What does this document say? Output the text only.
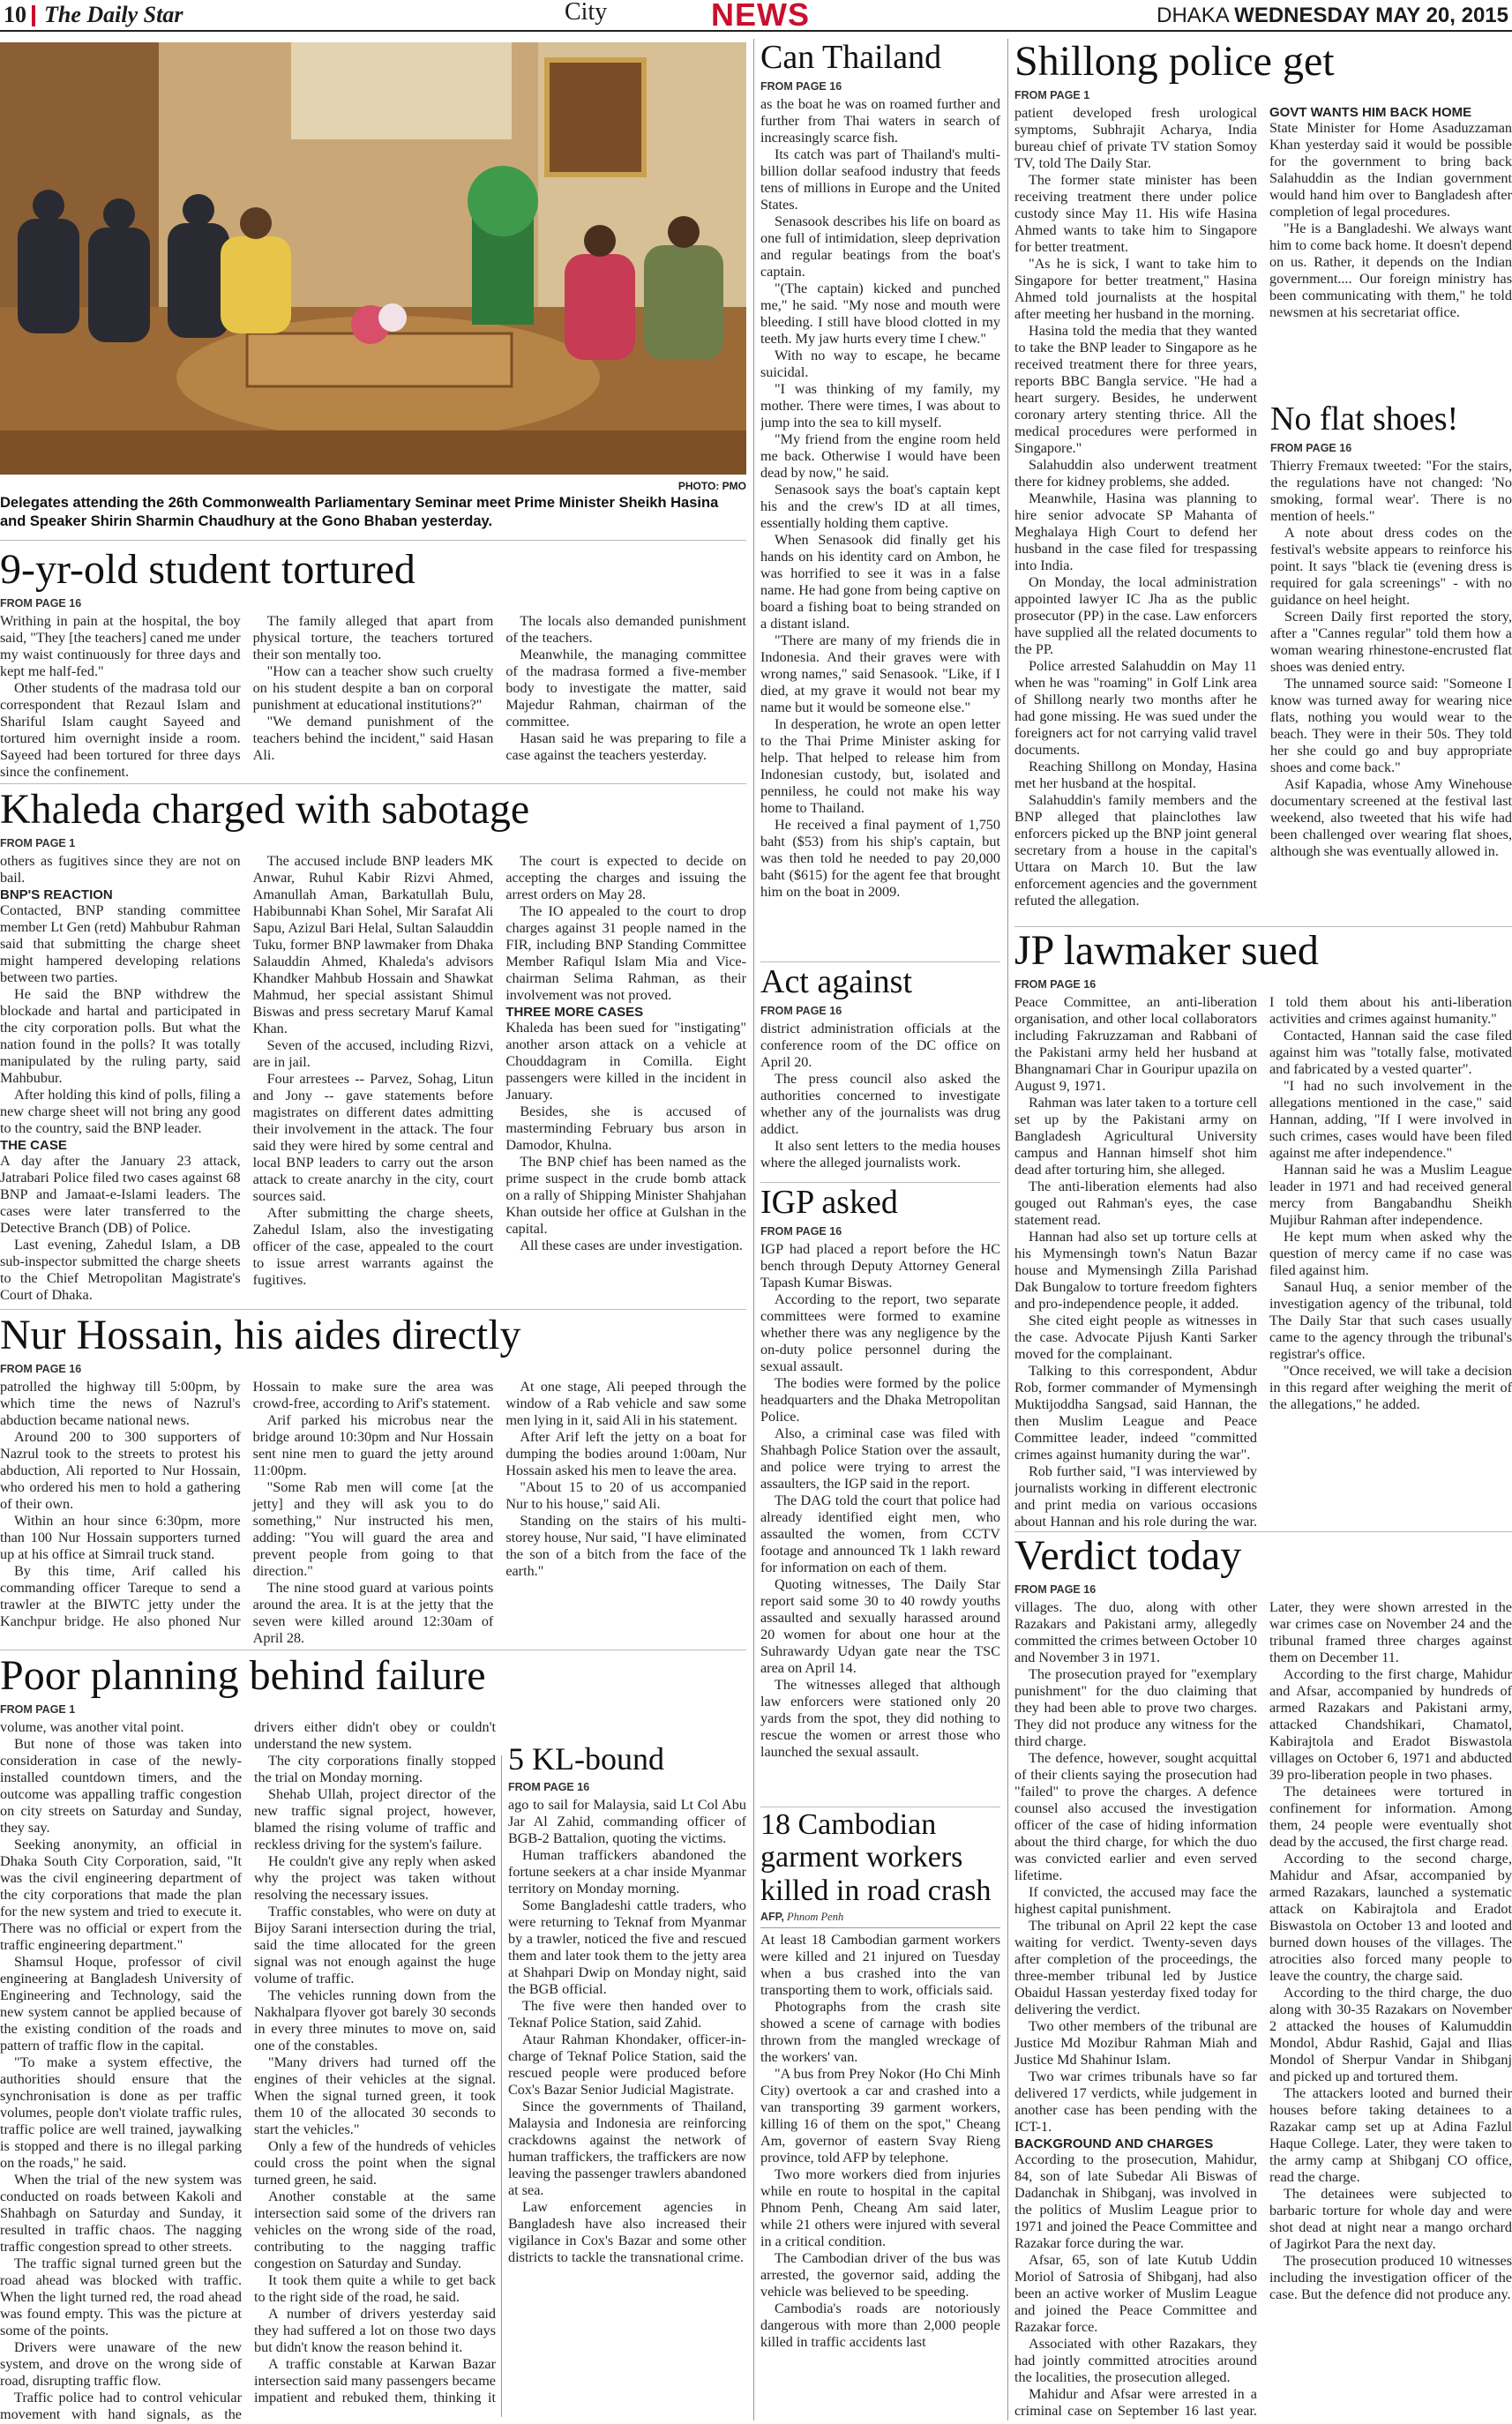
10 The Daily Star	City	NEWS	DHAKA WEDNESDAY MAY 20, 2015
PHOTO: PMO
Delegates attending the 26th Commonwealth Parliamentary Seminar meet Prime Minister Sheikh Hasina and Speaker Shirin Sharmin Chaudhury at the Gono Bhaban yesterday.
9-yr-old student tortured
FROM PAGE 16

Writhing in pain at the hospital, the boy said, "They [the teachers] caned me under my waist continuously for three days and kept me half-fed."

Other students of the madrasa told our correspondent that Rezaul Islam and Shariful Islam caught Sayeed and tortured him overnight inside a room. Sayeed had been tortured for three days since the confinement.

The family alleged that apart from physical torture, the teachers tortured their son mentally too.

"How can a teacher show such cruelty on his student despite a ban on corporal punishment at educational institutions?"

"We demand punishment of the teachers behind the incident," said Hasan Ali.

The locals also demanded punishment of the teachers.

Meanwhile, the managing committee of the madrasa formed a five-member body to investigate the matter, said Majedur Rahman, chairman of the committee.

Hasan said he was preparing to file a case against the teachers yesterday.

Khaleda charged with sabotage
FROM PAGE 1

others as fugitives since they are not on bail.

BNP'S REACTION

Contacted, BNP standing committee member Lt Gen (retd) Mahbubur Rahman said that submitting the charge sheet might hampered developing relations between two parties.

He said the BNP withdrew the blockade and hartal and participated in the city corporation polls. But what the nation found in the polls? It was totally manipulated by the ruling party, said Mahbubur.

After holding this kind of polls, filing a new charge sheet will not bring any good to the country, said the BNP leader.

THE CASE

A day after the January 23 attack, Jatrabari Police filed two cases against 68 BNP and Jamaat-e-Islami leaders. The cases were later transferred to the Detective Branch (DB) of Police.

Last evening, Zahedul Islam, a DB sub-inspector submitted the charge sheets to the Chief Metropolitan Magistrate's Court of Dhaka.

The accused include BNP leaders MK Anwar, Ruhul Kabir Rizvi Ahmed, Amanullah Aman, Barkatullah Bulu, Habibunnabi Khan Sohel, Mir Sarafat Ali Sapu, Azizul Bari Helal, Sultan Salauddin Tuku, former BNP lawmaker from Dhaka Salauddin Ahmed, Khaleda's advisors Khandker Mahbub Hossain and Shawkat Mahmud, her special assistant Shimul Biswas and press secretary Maruf Kamal Khan.

Seven of the accused, including Rizvi, are in jail.

Four arrestees -- Parvez, Sohag, Litun and Jony -- gave statements before magistrates on different dates admitting their involvement in the attack. The four said they were hired by some central and local BNP leaders to carry out the arson attack to create anarchy in the city, court sources said.

After submitting the charge sheets, Zahedul Islam, also the investigating officer of the case, appealed to the court to issue arrest warrants against the fugitives.

The court is expected to decide on accepting the charges and issuing the arrest orders on May 28.

The IO appealed to the court to drop charges against 31 people named in the FIR, including BNP Standing Committee Member Rafiqul Islam Mia and Vice-chairman Selima Rahman, as their involvement was not proved.

THREE MORE CASES

Khaleda has been sued for "instigating" another arson attack on a vehicle at Chouddagram in Comilla. Eight passengers were killed in the incident in January.

Besides, she is accused of masterminding February bus arson in Damodor, Khulna.

The BNP chief has been named as the prime suspect in the crude bomb attack on a rally of Shipping Minister Shahjahan Khan outside her office at Gulshan in the capital.

All these cases are under investigation.

Nur Hossain, his aides directly
FROM PAGE 16

patrolled the highway till 5:00pm, by which time the news of Nazrul's abduction became national news.

Around 200 to 300 supporters of Nazrul took to the streets to protest his abduction, Ali reported to Nur Hossain, who ordered his men to hold a gathering of their own.

Within an hour since 6:30pm, more than 100 Nur Hossain supporters turned up at his office at Simrail truck stand.

By this time, Arif called his commanding officer Tareque to send a trawler at the BIWTC jetty under the Kanchpur bridge. He also phoned Nur Hossain to make sure the area was crowd-free, according to Arif's statement.

Arif parked his microbus near the bridge around 10:30pm and Nur Hossain sent nine men to guard the jetty around 11:00pm.

"Some Rab men will come [at the jetty] and they will ask you to do something," Nur instructed his men, adding: "You will guard the area and prevent people from going to that direction."

The nine stood guard at various points around the area. It is at the jetty that the seven were killed around 12:30am of April 28.

At one stage, Ali peeped through the window of a Rab vehicle and saw some men lying in it, said Ali in his statement.

After Arif left the jetty on a boat for dumping the bodies around 1:00am, Nur Hossain asked his men to leave the area.

"About 15 to 20 of us accompanied Nur to his house," said Ali.

Standing on the stairs of his multi-storey house, Nur said, "I have eliminated the son of a bitch from the face of the earth."

Poor planning behind failure
FROM PAGE 1

volume, was another vital point.

But none of those was taken into consideration in case of the newly-installed countdown timers, and the outcome was appalling traffic congestion on city streets on Saturday and Sunday, they say.

Seeking anonymity, an official in Dhaka South City Corporation, said, "It was the civil engineering department of the city corporations that made the plan for the new system and tried to execute it. There was no official or expert from the traffic engineering department."

Shamsul Hoque, professor of civil engineering at Bangladesh University of Engineering and Technology, said the new system cannot be applied because of the existing condition of the roads and pattern of traffic flow in the capital.

"To make a system effective, the authorities should ensure that the synchronisation is done as per traffic volumes, people don't violate traffic rules, traffic police are well trained, jaywalking is stopped and there is no illegal parking on the roads," he said.

When the trial of the new system was conducted on roads between Kakoli and Shahbagh on Saturday and Sunday, it resulted in traffic chaos. The nagging traffic congestion spread to other streets.

The traffic signal turned green but the road ahead was blocked with traffic. When the light turned red, the road ahead was found empty. This was the picture at some of the points.

Drivers were unaware of the new system, and drove on the wrong side of road, disrupting traffic flow.

Traffic police had to control vehicular movement with hand signals, as the drivers either didn't obey or couldn't understand the new system.

The city corporations finally stopped the trial on Monday morning.

Shehab Ullah, project director of the new traffic signal project, however, blamed the rising volume of traffic and reckless driving for the system's failure.

He couldn't give any reply when asked why the project was taken without resolving the necessary issues.

Traffic constables, who were on duty at Bijoy Sarani intersection during the trial, said the time allocated for the green signal was not enough against the huge volume of traffic.

The vehicles running down from the Nakhalpara flyover got barely 30 seconds in every three minutes to move on, said one of the constables.

"Many drivers had turned off the engines of their vehicles at the signal. When the signal turned green, it took them 10 of the allocated 30 seconds to start the vehicles."

Only a few of the hundreds of vehicles could cross the point when the signal turned green, he said.

Another constable at the same intersection said some of the drivers ran vehicles on the wrong side of the road, contributing to the nagging traffic congestion on Saturday and Sunday.

It took them quite a while to get back to the right side of the road, he said.

A number of drivers yesterday said they had suffered a lot on those two days but didn't know the reason behind it.

A traffic constable at Karwan Bazar intersection said many passengers became impatient and rebuked them, thinking it

5 KL-bound
FROM PAGE 16

ago to sail for Malaysia, said Lt Col Abu Jar Al Zahid, commanding officer of BGB-2 Battalion, quoting the victims.

Human traffickers abandoned the fortune seekers at a char inside Myanmar territory on Monday morning.

Some Bangladeshi cattle traders, who were returning to Teknaf from Myanmar by a trawler, noticed the five and rescued them and later took them to the jetty area at Shahpari Dwip on Monday night, said the BGB official.

The five were then handed over to Teknaf Police Station, said Zahid.

Ataur Rahman Khondaker, officer-in-charge of Teknaf Police Station, said the rescued people were produced before Cox's Bazar Senior Judicial Magistrate.

Since the governments of Thailand, Malaysia and Indonesia are reinforcing crackdowns against the network of human traffickers, the traffickers are now leaving the passenger trawlers abandoned at sea.

Law enforcement agencies in Bangladesh have also increased their vigilance in Cox's Bazar and some other districts to tackle the transnational crime.

Can Thailand
FROM PAGE 16

as the boat he was on roamed further and further from Thai waters in search of increasingly scarce fish.

Its catch was part of Thailand's multi-billion dollar seafood industry that feeds tens of millions in Europe and the United States.

Senasook describes his life on board as one full of intimidation, sleep deprivation and regular beatings from the boat's captain.

"(The captain) kicked and punched me," he said. "My nose and mouth were bleeding. I still have blood clotted in my teeth. My jaw hurts every time I chew."

With no way to escape, he became suicidal.

"I was thinking of my family, my mother. There were times, I was about to jump into the sea to kill myself.

"My friend from the engine room held me back. Otherwise I would have been dead by now," he said.

Senasook says the boat's captain kept his and the crew's ID at all times, essentially holding them captive.

When Senasook did finally get his hands on his identity card on Ambon, he was horrified to see it was in a false name. He had gone from being captive on board a fishing boat to being stranded on a distant island.

"There are many of my friends die in Indonesia. And their graves were with wrong names," said Senasook. "Like, if I died, at my grave it would not bear my name but it would be someone else."

In desperation, he wrote an open letter to the Thai Prime Minister asking for help. That helped to release him from Indonesian custody, but, isolated and penniless, he could not make his way home to Thailand.

He received a final payment of 1,750 baht ($53) from his ship's captain, but was then told he needed to pay 20,000 baht ($615) for the agent fee that brought him on the boat in 2009.

Act against
FROM PAGE 16

district administration officials at the conference room of the DC office on April 20.

The press council also asked the authorities concerned to investigate whether any of the journalists was drug addict.

It also sent letters to the media houses where the alleged journalists work.

IGP asked
FROM PAGE 16

IGP had placed a report before the HC bench through Deputy Attorney General Tapash Kumar Biswas.

According to the report, two separate committees were formed to examine whether there was any negligence by the on-duty police personnel during the sexual assault.

The bodies were formed by the police headquarters and the Dhaka Metropolitan Police.

Also, a criminal case was filed with Shahbagh Police Station over the assault, and police were trying to arrest the assaulters, the IGP said in the report.

The DAG told the court that police had already identified eight men, who assaulted the women, from CCTV footage and announced Tk 1 lakh reward for information on each of them.

Quoting witnesses, The Daily Star report said some 30 to 40 rowdy youths assaulted and sexually harassed around 20 women for about one hour at the Suhrawardy Udyan gate near the TSC area on April 14.

The witnesses alleged that although law enforcers were stationed only 20 yards from the spot, they did nothing to rescue the women or arrest those who launched the sexual assault.

18 Cambodian garment workers killed in road crash
AFP, Phnom Penh

At least 18 Cambodian garment workers were killed and 21 injured on Tuesday when a bus crashed into the van transporting them to work, officials said.

Photographs from the crash site showed a scene of carnage with bodies thrown from the mangled wreckage of the workers' van.

"A bus from Prey Nokor (Ho Chi Minh City) overtook a car and crashed into a van transporting 39 garment workers, killing 16 of them on the spot," Cheang Am, governor of eastern Svay Rieng province, told AFP by telephone.

Two more workers died from injuries while en route to hospital in the capital Phnom Penh, Cheang Am said later, while 21 others were injured with several in a critical condition.

The Cambodian driver of the bus was arrested, the governor said, adding the vehicle was believed to be speeding.

Cambodia's roads are notoriously dangerous with more than 2,000 people killed in traffic accidents last

Shillong police get
FROM PAGE 1

patient developed fresh urological symptoms, Subhrajit Acharya, India bureau chief of private TV station Somoy TV, told The Daily Star.

The former state minister has been receiving treatment there under police custody since May 11. His wife Hasina Ahmed wants to take him to Singapore for better treatment.

"As he is sick, I want to take him to Singapore for better treatment," Hasina Ahmed told journalists at the hospital after meeting her husband in the morning.

Hasina told the media that they wanted to take the BNP leader to Singapore as he received treatment there for three years, reports BBC Bangla service. "He had a heart surgery. Besides, he underwent coronary artery stenting thrice. All the medical procedures were performed in Singapore."

Salahuddin also underwent treatment there for kidney problems, she added.

Meanwhile, Hasina was planning to hire senior advocate SP Mahanta of Meghalaya High Court to defend her husband in the case filed for trespassing into India.

On Monday, the local administration appointed lawyer IC Jha as the public prosecutor (PP) in the case. Law enforcers have supplied all the related documents to the PP.

Police arrested Salahuddin on May 11 when he was "roaming" in Golf Link area of Shillong nearly two months after he had gone missing. He was sued under the foreigners act for not carrying valid travel documents.

Reaching Shillong on Monday, Hasina met her husband at the hospital.

Salahuddin's family members and the BNP alleged that plainclothes law enforcers picked up the BNP joint general secretary from a house in the capital's Uttara on March 10. But the law enforcement agencies and the government refuted the allegation.

GOVT WANTS HIM BACK HOME

State Minister for Home Asaduzzaman Khan yesterday said it would be possible for the government to bring back Salahuddin as the Indian government would hand him over to Bangladesh after completion of legal procedures.

"He is a Bangladeshi. We always want him to come back home. It doesn't depend on us. Rather, it depends on the Indian government.... Our foreign ministry has been communicating with them," he told newsmen at his secretariat office.

No flat shoes!
FROM PAGE 16

Thierry Fremaux tweeted: "For the stairs, the regulations have not changed: 'No smoking, formal wear'. There is no mention of heels."

A note about dress codes on the festival's website appears to reinforce his point. It says "black tie (evening dress is required for gala screenings" - with no guidance on heel height.

Screen Daily first reported the story, after a "Cannes regular" told them how a woman wearing rhinestone-encrusted flat shoes was denied entry.

The unnamed source said: "Someone I know was turned away for wearing nice flats, nothing you would wear to the beach. They were in their 50s. They told her she could go and buy appropriate shoes and come back."

Asif Kapadia, whose Amy Winehouse documentary screened at the festival last weekend, also tweeted that his wife had been challenged over wearing flat shoes, although she was eventually allowed in.

JP lawmaker sued
FROM PAGE 16

Peace Committee, an anti-liberation organisation, and other local collaborators including Fakruzzaman and Rabbani of the Pakistani army held her husband at Bhangnamari Char in Gouripur upazila on August 9, 1971.

Rahman was later taken to a torture cell set up by the Pakistani army on Bangladesh Agricultural University campus and Hannan himself shot him dead after torturing him, she alleged.

The anti-liberation elements had also gouged out Rahman's eyes, the case statement read.

Hannan had also set up torture cells at his Mymensingh town's Natun Bazar house and Mymensingh Zilla Parishad Dak Bungalow to torture freedom fighters and pro-independence people, it added.

She cited eight people as witnesses in the case. Advocate Pijush Kanti Sarker moved for the complainant.

Talking to this correspondent, Abdur Rob, former commander of Mymensingh Muktijoddha Sangsad, said Hannan, the then Muslim League and Peace Committee leader, indeed "committed crimes against humanity during the war".

Rob further said, "I was interviewed by journalists working in different electronic and print media on various occasions about Hannan and his role during the war. I told them about his anti-liberation activities and crimes against humanity."

Contacted, Hannan said the case filed against him was "totally false, motivated and fabricated by a vested quarter".

"I had no such involvement in the allegations mentioned in the case," said Hannan, adding, "If I were involved in such crimes, cases would have been filed against me after independence."

Hannan said he was a Muslim League leader in 1971 and had received general mercy from Bangabandhu Sheikh Mujibur Rahman after independence.

He kept mum when asked why the question of mercy came if no case was filed against him.

Sanaul Huq, a senior member of the investigation agency of the tribunal, told The Daily Star that such cases usually came to the agency through the tribunal's registrar's office.

"Once received, we will take a decision in this regard after weighing the merit of the allegations," he added.

Verdict today
FROM PAGE 16

villages. The duo, along with other Razakars and Pakistani army, allegedly committed the crimes between October 10 and November 3 in 1971.

The prosecution prayed for "exemplary punishment" for the duo claiming that they had been able to prove two charges. They did not produce any witness for the third charge.

The defence, however, sought acquittal of their clients saying the prosecution had "failed" to prove the charges. A defence counsel also accused the investigation officer of the case of hiding information about the third charge, for which the duo was convicted earlier and even served lifetime.

If convicted, the accused may face the highest capital punishment.

The tribunal on April 22 kept the case waiting for verdict. Twenty-seven days after completion of the proceedings, the three-member tribunal led by Justice Obaidul Hassan yesterday fixed today for delivering the verdict.

Two other members of the tribunal are Justice Md Mozibur Rahman Miah and Justice Md Shahinur Islam.

Two war crimes tribunals have so far delivered 17 verdicts, while judgement in another case has been pending with the ICT-1.

BACKGROUND AND CHARGES

According to the prosecution, Mahidur, 84, son of late Subedar Ali Biswas of Dadanchak in Shibganj, was involved in the politics of Muslim League prior to 1971 and joined the Peace Committee and Razakar force during the war.

Afsar, 65, son of late Kutub Uddin Moriol of Satrosia of Shibganj, had also been an active worker of Muslim League and joined the Peace Committee and Razakar force.

Associated with other Razakars, they had jointly committed atrocities around the localities, the prosecution alleged.

Mahidur and Afsar were arrested in a criminal case on September 16 last year. Later, they were shown arrested in the war crimes case on November 24 and the tribunal framed three charges against them on December 11.

According to the first charge, Mahidur and Afsar, accompanied by hundreds of armed Razakars and Pakistani army, attacked Chandshikari, Chamatol, Kabirajtola and Eradot Biswastola villages on October 6, 1971 and abducted 39 pro-liberation people in two phases.

The detainees were tortured in confinement for information. Among them, 24 people were eventually shot dead by the accused, the first charge read.

According to the second charge, Mahidur and Afsar, accompanied by armed Razakars, launched a systematic attack on Kabirajtola and Eradot Biswastola on October 13 and looted and burned down houses of the villages. The atrocities also forced many people to leave the country, the charge said.

According to the third charge, the duo along with 30-35 Razakars on November 2 attacked the houses of Kalumuddin Mondol, Abdur Rashid, Gajal and Ilias Mondol of Sherpur Vandar in Shibganj and picked up and tortured them.

The attackers looted and burned their houses before taking detainees to a Razakar camp set up at Adina Fazlul Haque College. Later, they were taken to the army camp at Shibganj CO office, read the charge.

The detainees were subjected to barbaric torture for whole day and were shot dead at night near a mango orchard of Jagirkot Para the next day.

The prosecution produced 10 witnesses including the investigation officer of the case. But the defence did not produce any.
